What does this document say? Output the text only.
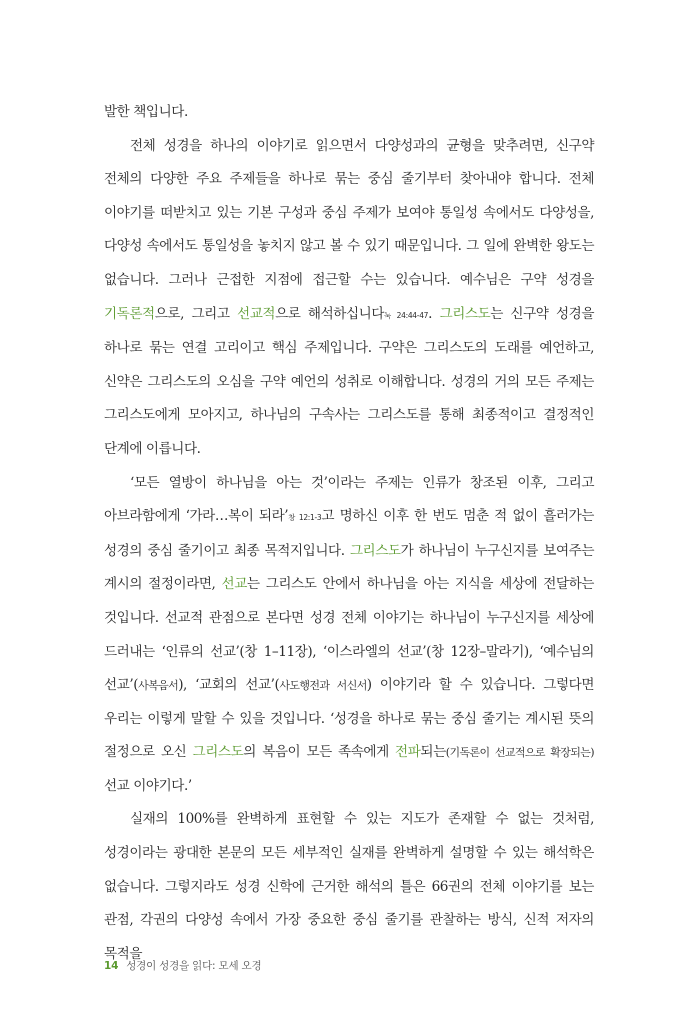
발한 책입니다.

전체 성경을 하나의 이야기로 읽으면서 다양성과의 균형을 맞추려면, 신구약 전체의 다양한 주요 주제들을 하나로 묶는 중심 줄기부터 찾아내야 합니다. 전체 이야기를 떠받치고 있는 기본 구성과 중심 주제가 보여야 통일성 속에서도 다양성을, 다양성 속에서도 통일성을 놓치지 않고 볼 수 있기 때문입니다. 그 일에 완벽한 왕도는 없습니다. 그러나 근접한 지점에 접근할 수는 있습니다. 예수님은 구약 성경을 기독론적으로, 그리고 선교적으로 해석하십니다눅 24:44-47. 그리스도는 신구약 성경을 하나로 묶는 연결 고리이고 핵심 주제입니다. 구약은 그리스도의 도래를 예언하고, 신약은 그리스도의 오심을 구약 예언의 성취로 이해합니다. 성경의 거의 모든 주제는 그리스도에게 모아지고, 하나님의 구속사는 그리스도를 통해 최종적이고 결정적인 단계에 이릅니다.

‘모든 열방이 하나님을 아는 것’이라는 주제는 인류가 창조된 이후, 그리고 아브라함에게 ‘가라…복이 되라’창 12:1-3고 명하신 이후 한 번도 멈춘 적 없이 흘러가는 성경의 중심 줄기이고 최종 목적지입니다. 그리스도가 하나님이 누구신지를 보여주는 계시의 절정이라면, 선교는 그리스도 안에서 하나님을 아는 지식을 세상에 전달하는 것입니다. 선교적 관점으로 본다면 성경 전체 이야기는 하나님이 누구신지를 세상에 드러내는 ‘인류의 선교’(창 1–11장), ‘이스라엘의 선교’(창 12장–말라기), ‘예수님의 선교’(사복음서), ‘교회의 선교’(사도행전과 서신서) 이야기라 할 수 있습니다. 그렇다면 우리는 이렇게 말할 수 있을 것입니다. ‘성경을 하나로 묶는 중심 줄기는 계시된 뜻의 절정으로 오신 그리스도의 복음이 모든 족속에게 전파되는(기독론이 선교적으로 확장되는) 선교 이야기다.’

실재의 100%를 완벽하게 표현할 수 있는 지도가 존재할 수 없는 것처럼, 성경이라는 광대한 본문의 모든 세부적인 실재를 완벽하게 설명할 수 있는 해석학은 없습니다. 그렇지라도 성경 신학에 근거한 해석의 틀은 66권의 전체 이야기를 보는 관점, 각권의 다양성 속에서 가장 중요한 중심 줄기를 관찰하는 방식, 신적 저자의 목적을

14 성경이 성경을 읽다: 모세 오경
